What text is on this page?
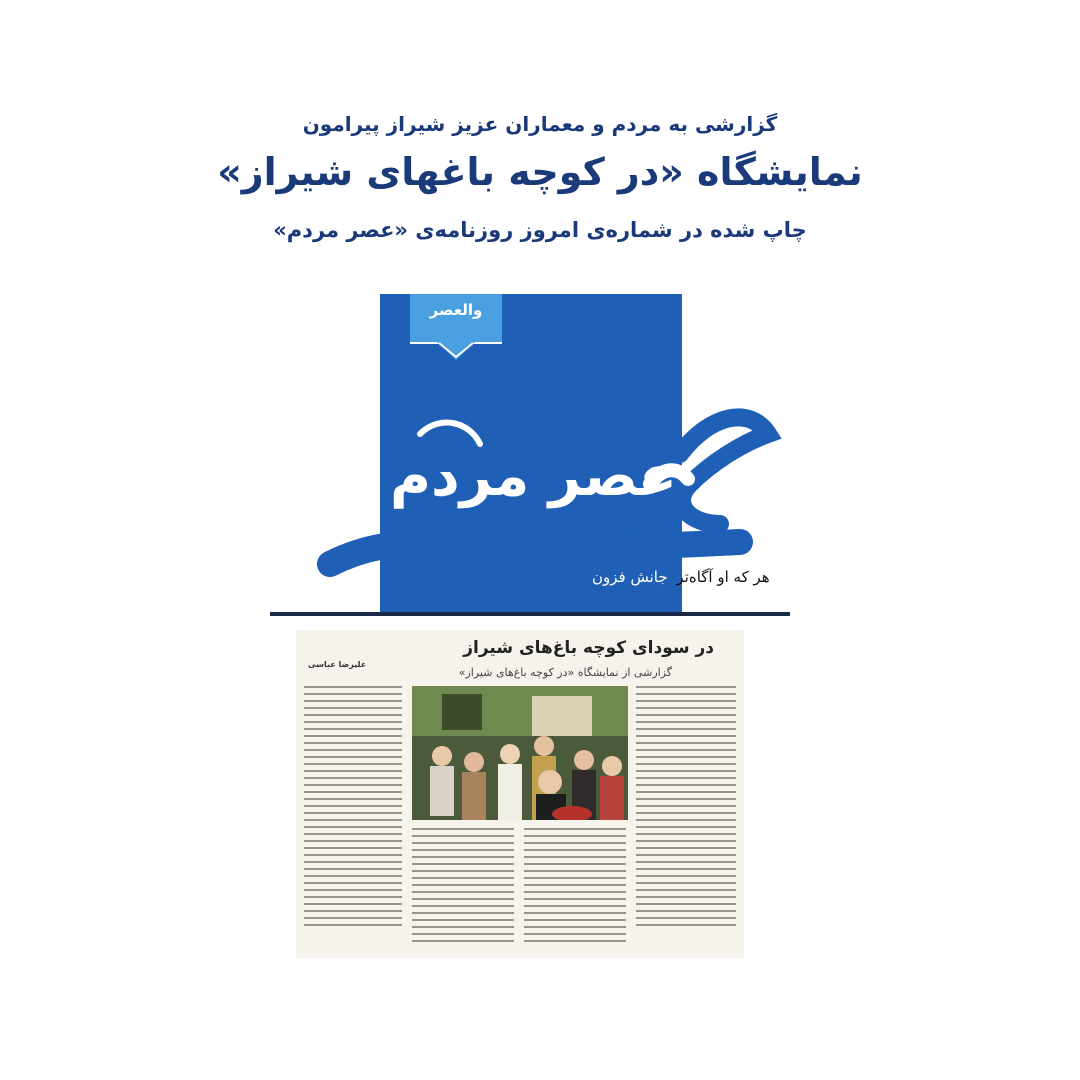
گزارشی به مردم و معماران عزیز شیراز پیرامون
نمایشگاه «در کوچه باغهای شیراز»
چاپ شده در شماره‌ی امروز روزنامه‌ی «عصر مردم»
والعصر
عصر مردم
هر که او آگاه‌تر جانش فزون
در سودای کوچه باغ‌های شیراز
گزارشی از نمایشگاه «در کوچه باغ‌های شیراز»
علیرضا عباسی
